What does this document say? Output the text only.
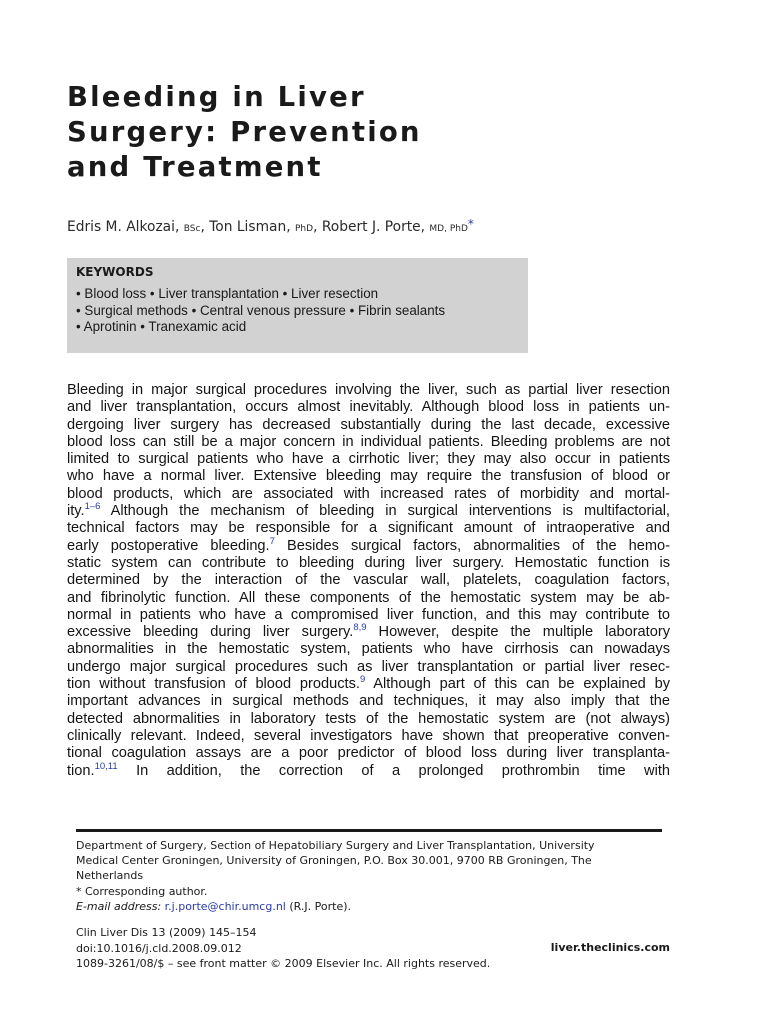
Bleeding in Liver
Surgery: Prevention
and Treatment
Edris M. Alkozai, BSc, Ton Lisman, PhD, Robert J. Porte, MD, PhD*
KEYWORDS
• Blood loss • Liver transplantation • Liver resection
• Surgical methods • Central venous pressure • Fibrin sealants
• Aprotinin • Tranexamic acid
Bleeding in major surgical procedures involving the liver, such as partial liver resection
and liver transplantation, occurs almost inevitably. Although blood loss in patients un-
dergoing liver surgery has decreased substantially during the last decade, excessive
blood loss can still be a major concern in individual patients. Bleeding problems are not
limited to surgical patients who have a cirrhotic liver; they may also occur in patients
who have a normal liver. Extensive bleeding may require the transfusion of blood or
blood products, which are associated with increased rates of morbidity and mortal-
ity.$^{1-6}$ Although the mechanism of bleeding in surgical interventions is multifactorial,
technical factors may be responsible for a significant amount of intraoperative and
early postoperative bleeding.$^7$ Besides surgical factors, abnormalities of the hemo-
static system can contribute to bleeding during liver surgery. Hemostatic function is
determined by the interaction of the vascular wall, platelets, coagulation factors,
and fibrinolytic function. All these components of the hemostatic system may be ab-
normal in patients who have a compromised liver function, and this may contribute to
excessive bleeding during liver surgery.$^{8,9}$ However, despite the multiple laboratory
abnormalities in the hemostatic system, patients who have cirrhosis can nowadays
undergo major surgical procedures such as liver transplantation or partial liver resec-
tion without transfusion of blood products.$^9$ Although part of this can be explained by
important advances in surgical methods and techniques, it may also imply that the
detected abnormalities in laboratory tests of the hemostatic system are (not always)
clinically relevant. Indeed, several investigators have shown that preoperative conven-
tional coagulation assays are a poor predictor of blood loss during liver transplanta-
tion.$^{10,11}$ In addition, the correction of a prolonged prothrombin time with
Department of Surgery, Section of Hepatobiliary Surgery and Liver Transplantation, University
Medical Center Groningen, University of Groningen, P.O. Box 30.001, 9700 RB Groningen, The
Netherlands
* Corresponding author.
E-mail address: r.j.porte@chir.umcg.nl (R.J. Porte).
Clin Liver Dis 13 (2009) 145–154
doi:10.1016/j.cld.2008.09.012
1089-3261/08/$ – see front matter © 2009 Elsevier Inc. All rights reserved.
liver.theclinics.com
